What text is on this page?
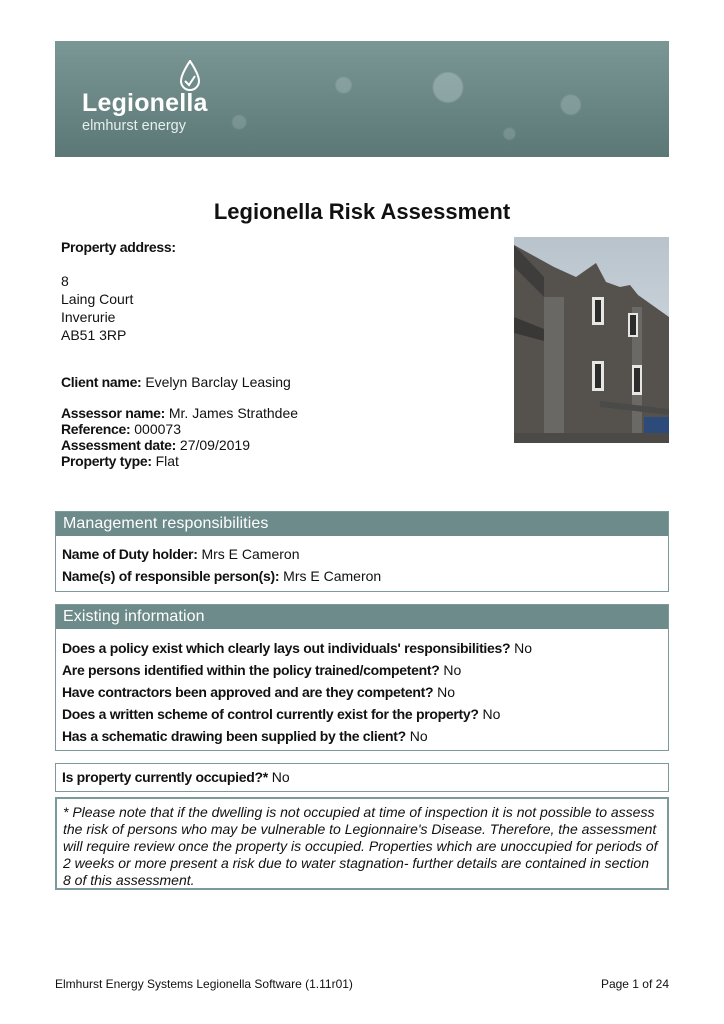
Legionella
elmhurst energy
Legionella Risk Assessment
Property address:
8
Laing Court
Inverurie
AB51 3RP
Client name: Evelyn Barclay Leasing
Assessor name: Mr. James Strathdee
Reference: 000073
Assessment date: 27/09/2019
Property type: Flat
Management responsibilities
Name of Duty holder: Mrs E Cameron
Name(s) of responsible person(s): Mrs E Cameron
Existing information
Does a policy exist which clearly lays out individuals' responsibilities? No
Are persons identified within the policy trained/competent? No
Have contractors been approved and are they competent? No
Does a written scheme of control currently exist for the property? No
Has a schematic drawing been supplied by the client? No
Is property currently occupied?* No
* Please note that if the dwelling is not occupied at time of inspection it is not possible to assess the risk of persons who may be vulnerable to Legionnaire's Disease. Therefore, the assessment will require review once the property is occupied. Properties which are unoccupied for periods of 2 weeks or more present a risk due to water stagnation- further details are contained in section 8 of this assessment.
Elmhurst Energy Systems Legionella Software (1.11r01)	Page 1 of 24
